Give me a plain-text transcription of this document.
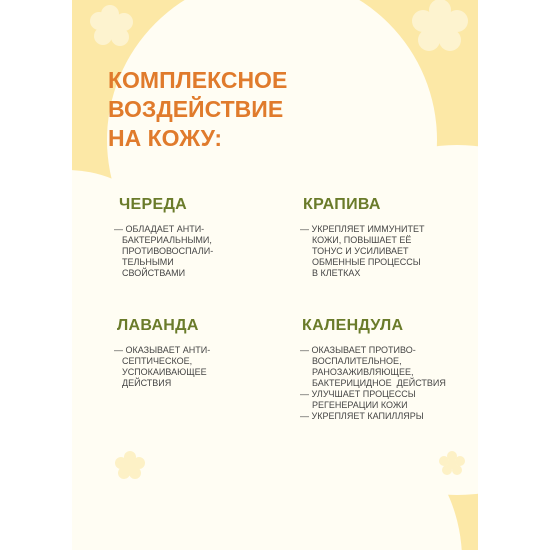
КОМПЛЕКСНОЕ
ВОЗДЕЙСТВИЕ
НА КОЖУ:
ЧЕРЕДА
— ОБЛАДАЕТ АНТИ-
БАКТЕРИАЛЬНЫМИ,
ПРОТИВОВОСПАЛИ-
ТЕЛЬНЫМИ
СВОЙСТВАМИ
КРАПИВА
— УКРЕПЛЯЕТ ИММУНИТЕТ
КОЖИ, ПОВЫШАЕТ ЕЁ
ТОНУС И УСИЛИВАЕТ
ОБМЕННЫЕ ПРОЦЕССЫ
В КЛЕТКАХ
ЛАВАНДА
— ОКАЗЫВАЕТ АНТИ-
СЕПТИЧЕСКОЕ,
УСПОКАИВАЮЩЕЕ
ДЕЙСТВИЯ
КАЛЕНДУЛА
— ОКАЗЫВАЕТ ПРОТИВО-
ВОСПАЛИТЕЛЬНОЕ,
РАНОЗАЖИВЛЯЮЩЕЕ,
БАКТЕРИЦИДНОЕ  ДЕЙСТВИЯ
— УЛУЧШАЕТ ПРОЦЕССЫ
РЕГЕНЕРАЦИИ КОЖИ
— УКРЕПЛЯЕТ КАПИЛЛЯРЫ
